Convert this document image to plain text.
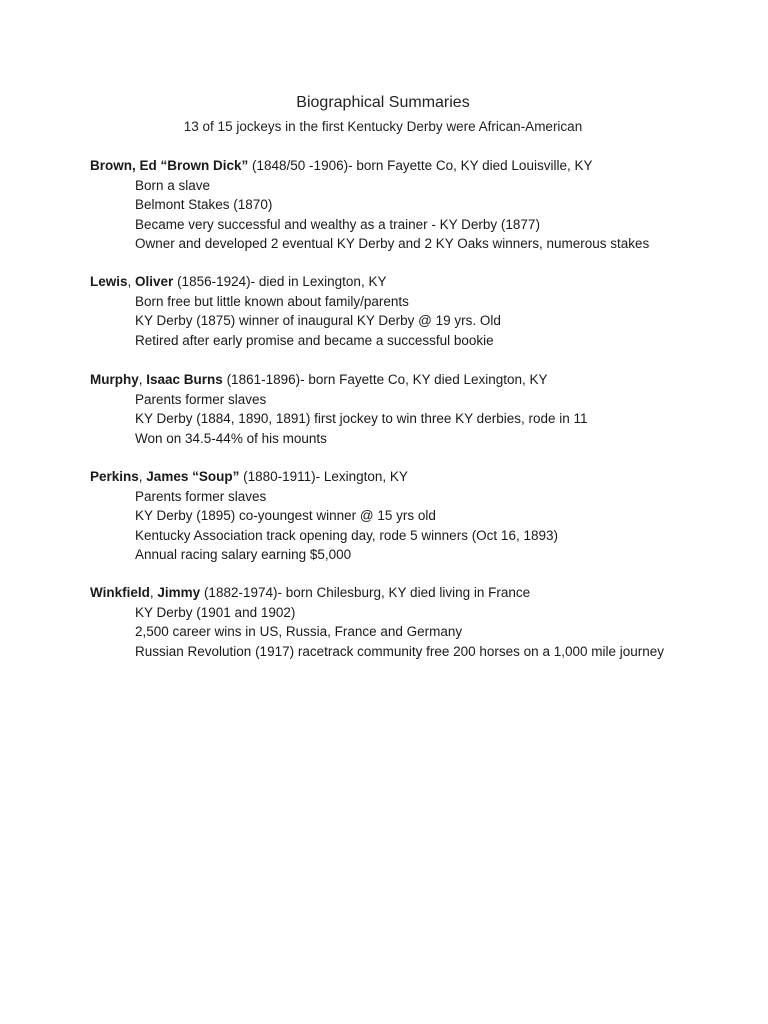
Biographical Summaries
13 of 15 jockeys in the first Kentucky Derby were African-American
Brown, Ed “Brown Dick” (1848/50 -1906)- born Fayette Co, KY died Louisville, KY
Born a slave
Belmont Stakes (1870)
Became very successful and wealthy as a trainer - KY Derby (1877)
Owner and developed 2 eventual KY Derby and 2 KY Oaks winners, numerous stakes
Lewis, Oliver (1856-1924)- died in Lexington, KY
Born free but little known about family/parents
KY Derby (1875) winner of inaugural KY Derby @ 19 yrs. Old
Retired after early promise and became a successful bookie
Murphy, Isaac Burns (1861-1896)- born Fayette Co, KY died Lexington, KY
Parents former slaves
KY Derby (1884, 1890, 1891) first jockey to win three KY derbies, rode in 11
Won on 34.5-44% of his mounts
Perkins, James “Soup” (1880-1911)- Lexington, KY
Parents former slaves
KY Derby (1895) co-youngest winner @ 15 yrs old
Kentucky Association track opening day, rode 5 winners (Oct 16, 1893)
Annual racing salary earning $5,000
Winkfield, Jimmy (1882-1974)- born Chilesburg, KY died living in France
KY Derby (1901 and 1902)
2,500 career wins in US, Russia, France and Germany
Russian Revolution (1917) racetrack community free 200 horses on a 1,000 mile journey
